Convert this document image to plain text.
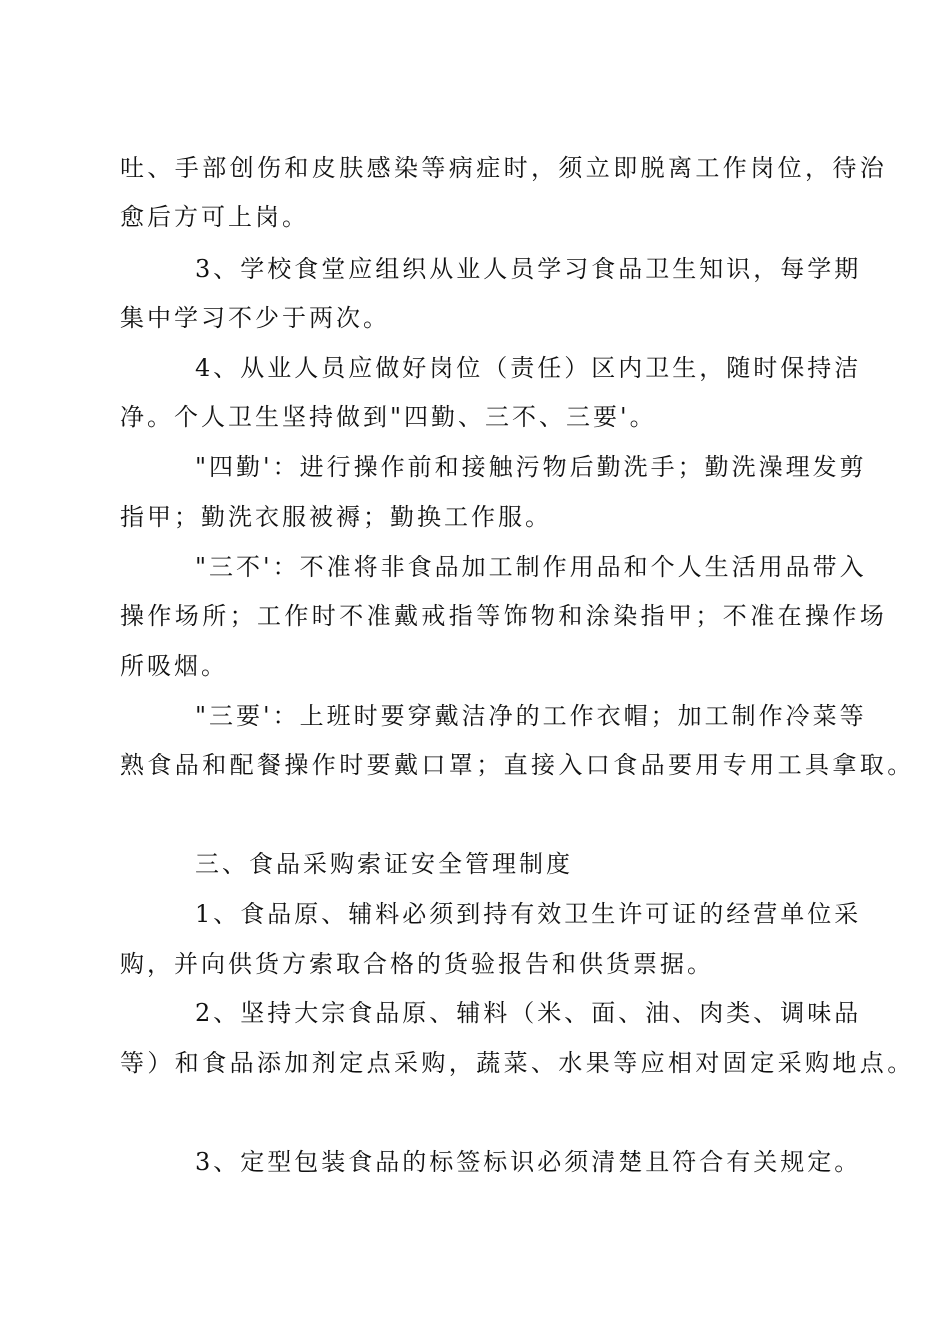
吐、手部创伤和皮肤感染等病症时，须立即脱离工作岗位，待治
愈后方可上岗。
3、学校食堂应组织从业人员学习食品卫生知识，每学期
集中学习不少于两次。
4、从业人员应做好岗位（责任）区内卫生，随时保持洁
净。个人卫生坚持做到"四勤、三不、三要'。
"四勤'：进行操作前和接触污物后勤洗手；勤洗澡理发剪
指甲；勤洗衣服被褥；勤换工作服。
"三不'：不准将非食品加工制作用品和个人生活用品带入
操作场所；工作时不准戴戒指等饰物和涂染指甲；不准在操作场
所吸烟。
"三要'：上班时要穿戴洁净的工作衣帽；加工制作冷菜等
熟食品和配餐操作时要戴口罩；直接入口食品要用专用工具拿取。
三、食品采购索证安全管理制度
1、食品原、辅料必须到持有效卫生许可证的经营单位采
购，并向供货方索取合格的货验报告和供货票据。
2、坚持大宗食品原、辅料（米、面、油、肉类、调味品
等）和食品添加剂定点采购，蔬菜、水果等应相对固定采购地点。
3、定型包装食品的标签标识必须清楚且符合有关规定。
